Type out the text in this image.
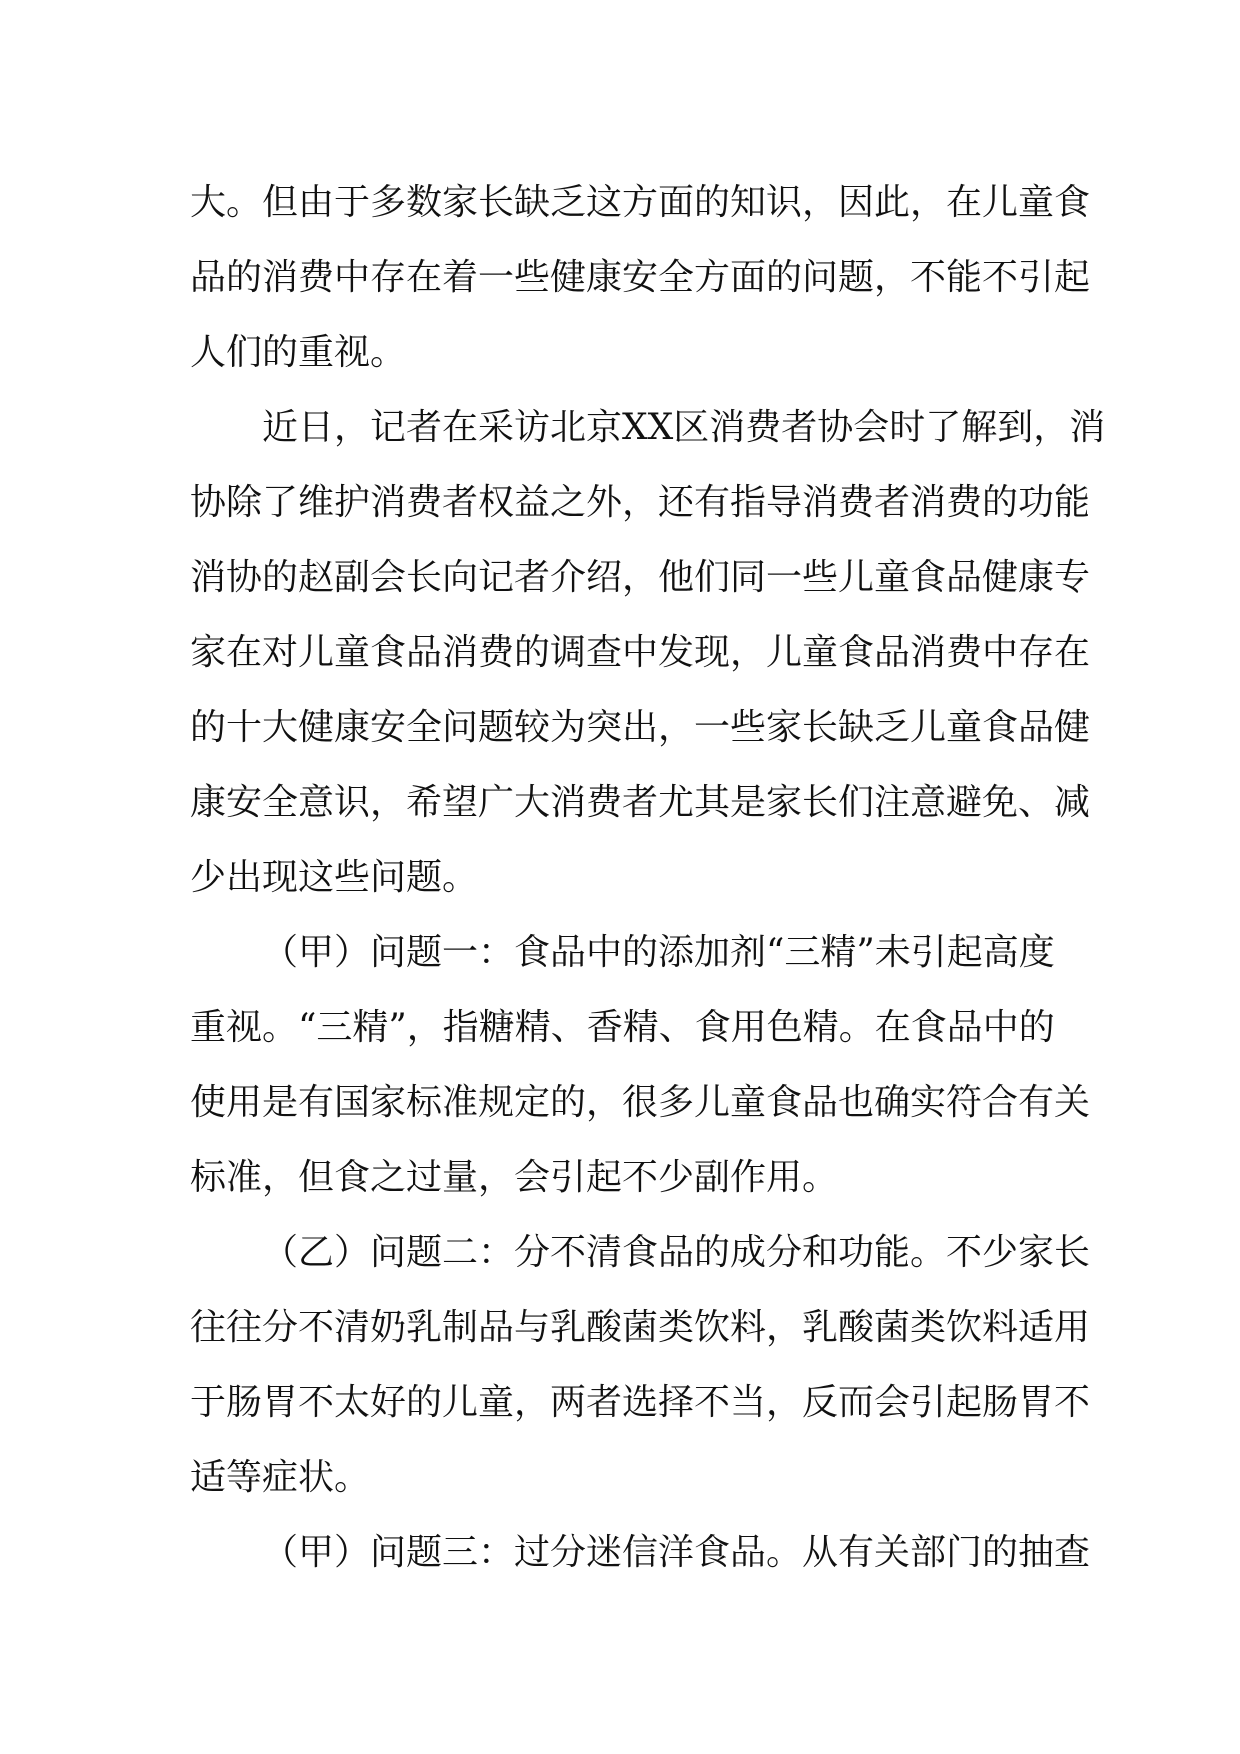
大。但由于多数家长缺乏这方面的知识，因此，在儿童食
品的消费中存在着一些健康安全方面的问题，不能不引起
人们的重视。
近日，记者在采访北京XX区消费者协会时了解到，消
协除了维护消费者权益之外，还有指导消费者消费的功能
消协的赵副会长向记者介绍，他们同一些儿童食品健康专
家在对儿童食品消费的调查中发现，儿童食品消费中存在
的十大健康安全问题较为突出，一些家长缺乏儿童食品健
康安全意识，希望广大消费者尤其是家长们注意避免、减
少出现这些问题。
（甲）问题一：食品中的添加剂“三精”未引起高度
重视。“三精”，指糖精、香精、食用色精。在食品中的
使用是有国家标准规定的，很多儿童食品也确实符合有关
标准，但食之过量，会引起不少副作用。
（乙）问题二：分不清食品的成分和功能。不少家长
往往分不清奶乳制品与乳酸菌类饮料，乳酸菌类饮料适用
于肠胃不太好的儿童，两者选择不当，反而会引起肠胃不
适等症状。
（甲）问题三：过分迷信洋食品。从有关部门的抽查
